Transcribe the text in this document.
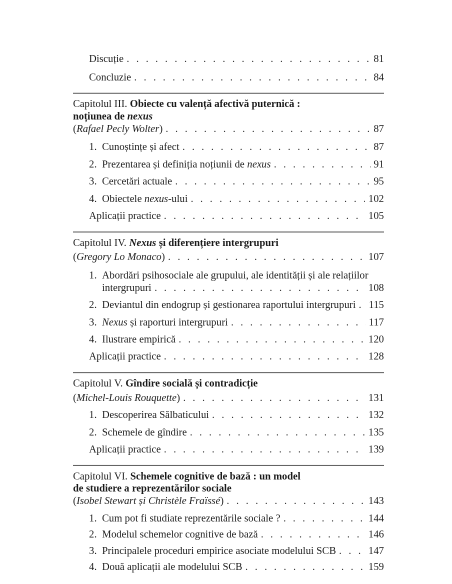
Discuție . . .	81
Concluzie . . .	84
Capitolul III. Obiecte cu valență afectivă puternică :
noțiunea de nexus
(Rafael Pecly Wolter) . . .	87
1. Cunoștințe și afect . . .	87
2. Prezentarea și definiția noțiunii de nexus . . .	91
3. Cercetări actuale . . .	95
4. Obiectele nexus-ului . . .	102
Aplicații practice . . .	105
Capitolul IV. Nexus și diferențiere intergrupuri
(Gregory Lo Monaco) . . .	107
1. Abordări psihosociale ale grupului, ale identității și ale relațiilor
intergrupuri . . .	108
2. Deviantul din endogrup și gestionarea raportului intergrupuri . . . 115
3. Nexus și raporturi intergrupuri . . .	117
4. Ilustrare empirică . . .	120
Aplicații practice . . .	128
Capitolul V. Gîndire socială și contradicție
(Michel-Louis Rouquette) . . .	131
1. Descoperirea Sălbaticului . . .	132
2. Schemele de gîndire . . .	135
Aplicații practice . . .	139
Capitolul VI. Schemele cognitive de bază : un model
de studiere a reprezentărilor sociale
(Isobel Stewart și Christèle Fraïssé) . . .	143
1. Cum pot fi studiate reprezentările sociale ? . . .	144
2. Modelul schemelor cognitive de bază . . .	146
3. Principalele proceduri empirice asociate modelului SCB . . .	147
4. Două aplicații ale modelului SCB . . .	159
